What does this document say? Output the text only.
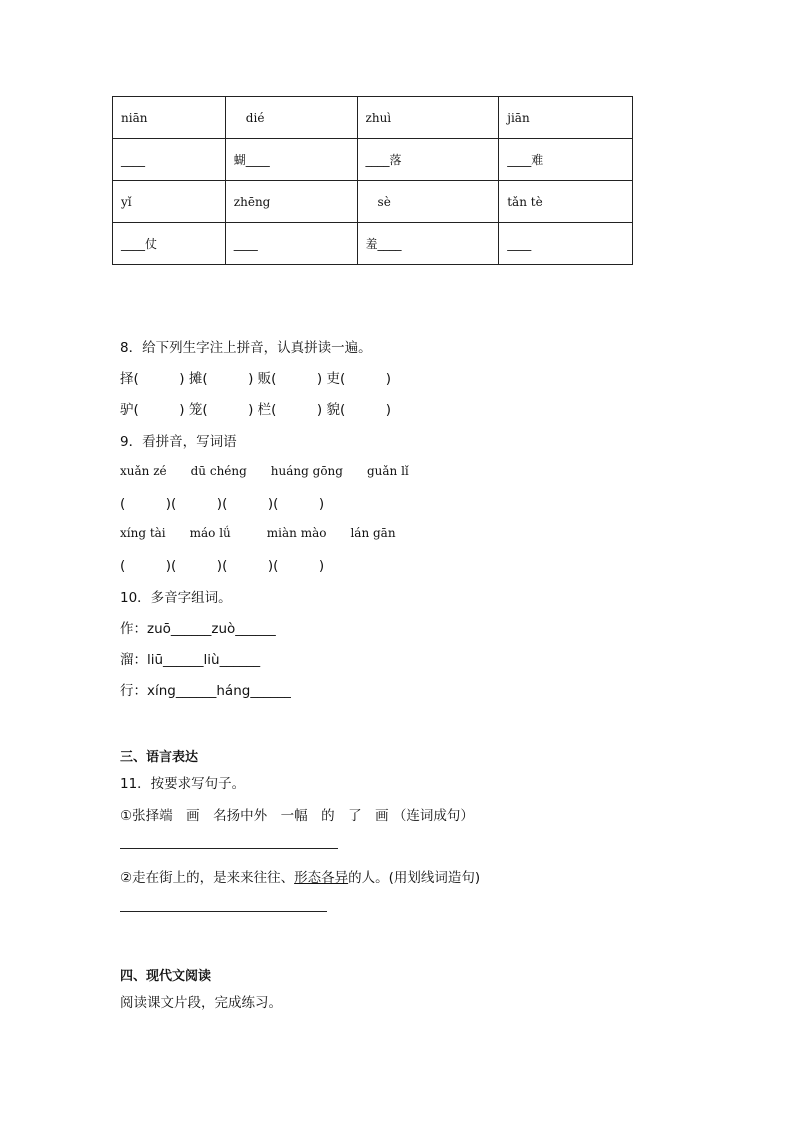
niān	　dié	zhuì	jiān
____	蝴____	____落	____难
yǐ	zhēng	　sè	tǎn tè
____仗	____	羞____	____
8．给下列生字注上拼音，认真拼读一遍。
择(　　　) 摊(　　　) 贩(　　　) 吏(　　　)
驴(　　　) 笼(　　　) 栏(　　　) 貌(　　　)
9．看拼音，写词语
xuǎn zé　　dū chéng　　huáng gōng　　guǎn lǐ
(　　　)(　　　)(　　　)(　　　)
xíng tài　　máo lǘ　　　miàn mào　　lán gān
(　　　)(　　　)(　　　)(　　　)
10．多音字组词。
作：zuō______zuò______
溜：liū______liù______
行：xíng______háng______
三、语言表达
11．按要求写句子。
①张择端　画　名扬中外　一幅　的　了　画 （连词成句）
②走在街上的，是来来往往、形态各异的人。(用划线词造句)
四、现代文阅读
阅读课文片段，完成练习。
